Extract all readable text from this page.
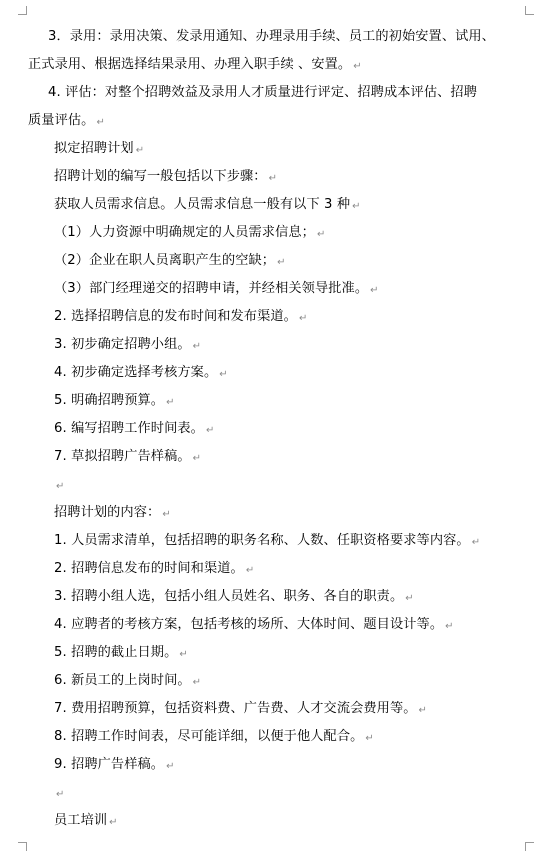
3．录用：录用决策、发录用通知、办理录用手续、员工的初始安置、试用、
正式录用、根据选择结果录用、办理入职手续 、安置。 ↵
4. 评估：对整个招聘效益及录用人才质量进行评定、招聘成本评估、招聘
质量评估。 ↵
拟定招聘计划 ↵
招聘计划的编写一般包括以下步骤： ↵
获取人员需求信息。人员需求信息一般有以下 3 种 ↵
（1）人力资源中明确规定的人员需求信息； ↵
（2）企业在职人员离职产生的空缺； ↵
（3）部门经理递交的招聘申请，并经相关领导批准。 ↵
2. 选择招聘信息的发布时间和发布渠道。 ↵
3. 初步确定招聘小组。 ↵
4. 初步确定选择考核方案。 ↵
5. 明确招聘预算。 ↵
6. 编写招聘工作时间表。 ↵
7. 草拟招聘广告样稿。 ↵
↵
招聘计划的内容： ↵
1. 人员需求清单，包括招聘的职务名称、人数、任职资格要求等内容。 ↵
2. 招聘信息发布的时间和渠道。 ↵
3. 招聘小组人选，包括小组人员姓名、职务、各自的职责。 ↵
4. 应聘者的考核方案，包括考核的场所、大体时间、题目设计等。 ↵
5. 招聘的截止日期。 ↵
6. 新员工的上岗时间。 ↵
7. 费用招聘预算，包括资料费、广告费、人才交流会费用等。 ↵
8. 招聘工作时间表，尽可能详细，以便于他人配合。 ↵
9. 招聘广告样稿。 ↵
↵
员工培训 ↵
